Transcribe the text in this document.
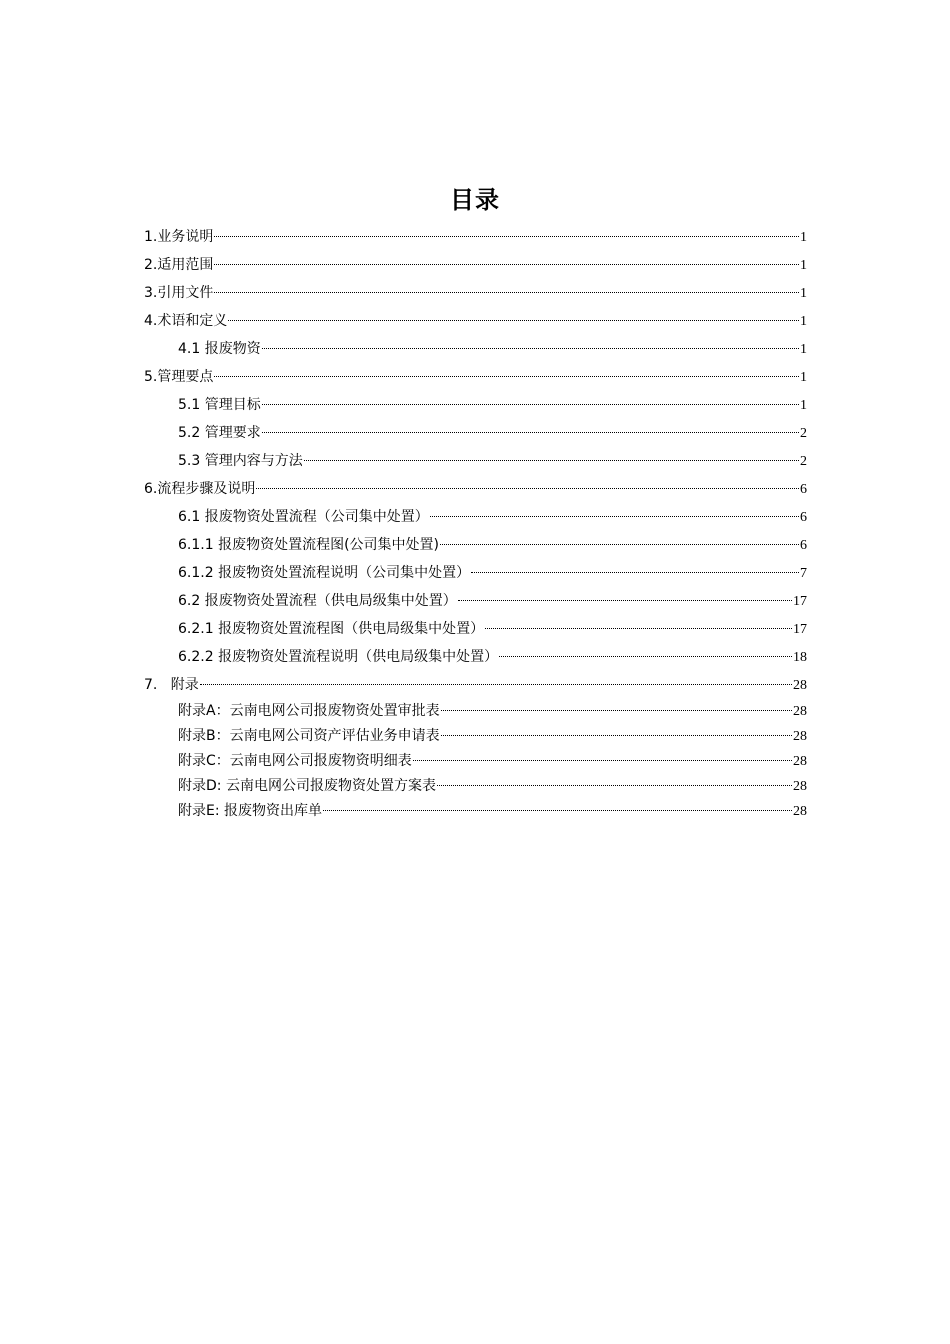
目录
1.业务说明	1
2.适用范围	1
3.引用文件	1
4.术语和定义	1
4.1 报废物资	1
5.管理要点	1
5.1 管理目标	1
5.2 管理要求	2
5.3 管理内容与方法	2
6.流程步骤及说明	6
6.1 报废物资处置流程（公司集中处置）	6
6.1.1 报废物资处置流程图(公司集中处置)	6
6.1.2 报废物资处置流程说明（公司集中处置）	7
6.2 报废物资处置流程（供电局级集中处置）	17
6.2.1 报废物资处置流程图（供电局级集中处置）	17
6.2.2 报废物资处置流程说明（供电局级集中处置）	18
7.   附录	28
附录A：云南电网公司报废物资处置审批表	28
附录B：云南电网公司资产评估业务申请表	28
附录C：云南电网公司报废物资明细表	28
附录D: 云南电网公司报废物资处置方案表	28
附录E: 报废物资出库单	28
